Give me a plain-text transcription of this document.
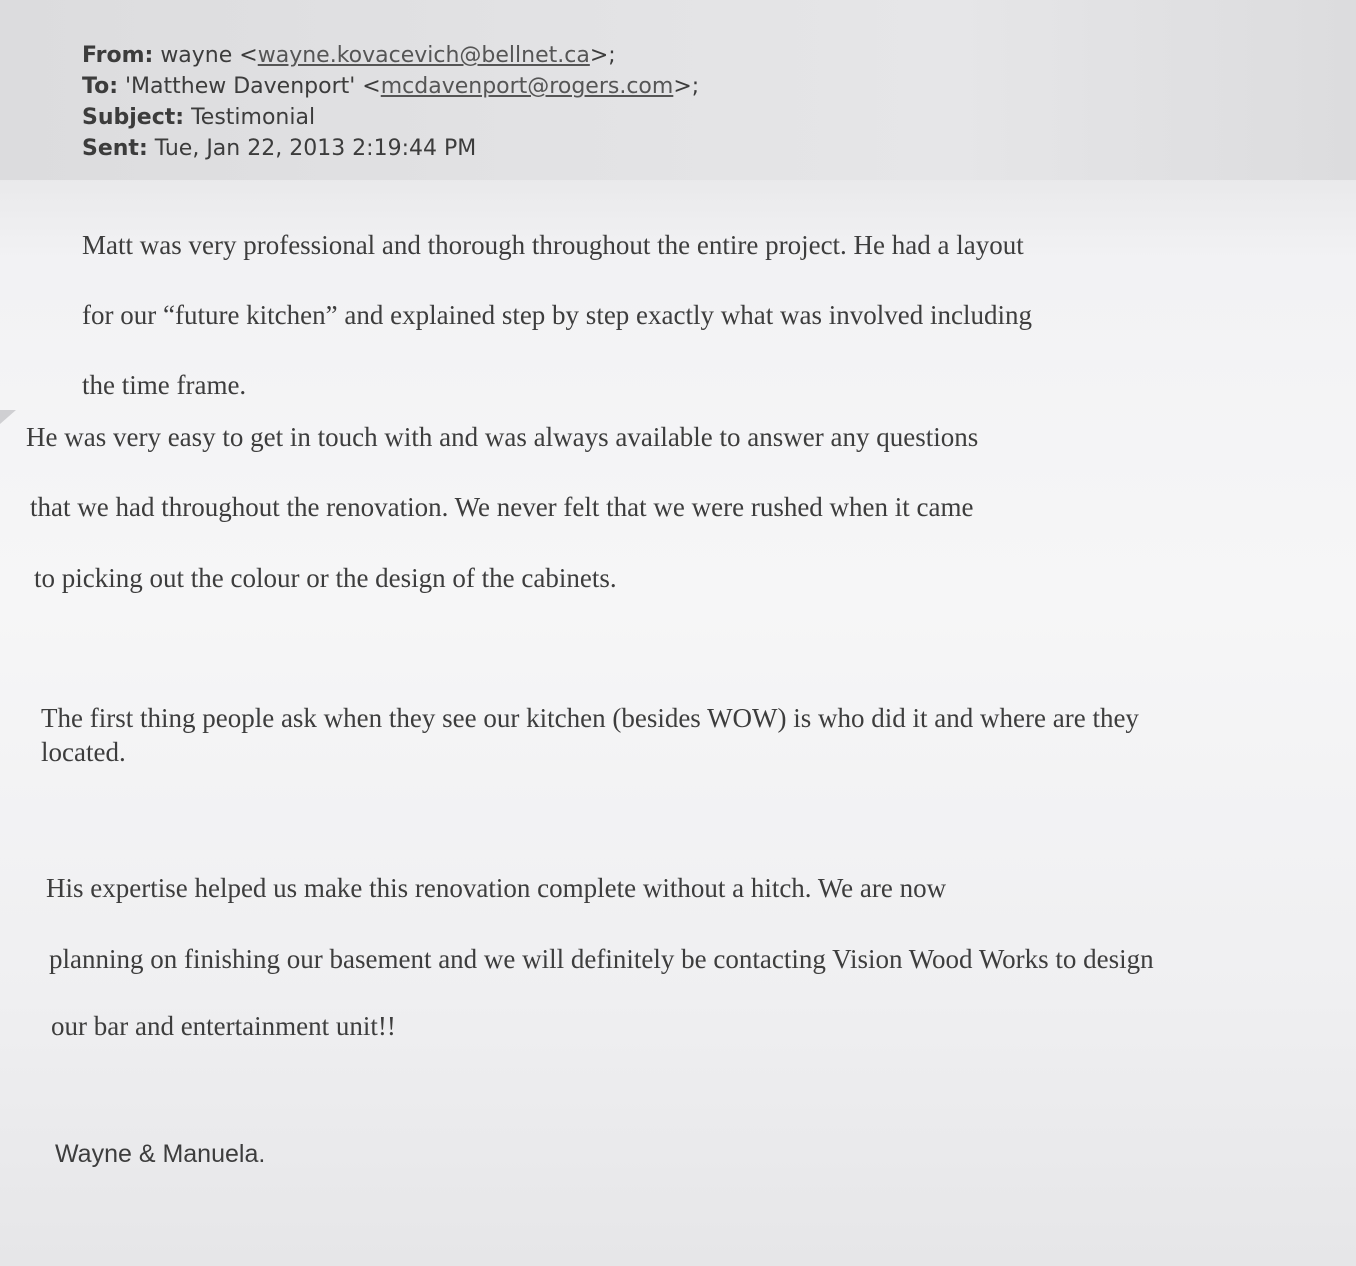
From: wayne <wayne.kovacevich@bellnet.ca>;
To: 'Matthew Davenport' <mcdavenport@rogers.com>;
Subject: Testimonial
Sent: Tue, Jan 22, 2013 2:19:44 PM
Matt was very professional and thorough throughout the entire project. He had a layout
for our “future kitchen” and explained step by step exactly what was involved including
the time frame.
He was very easy to get in touch with and was always available to answer any questions
that we had throughout the renovation. We never felt that we were rushed when it came
to picking out the colour or the design of the cabinets.
The first thing people ask when they see our kitchen (besides WOW) is who did it and where are they
located.
His expertise helped us make this renovation complete without a hitch. We are now
planning on finishing our basement and we will definitely be contacting Vision Wood Works to design
our bar and entertainment unit!!
Wayne & Manuela.
